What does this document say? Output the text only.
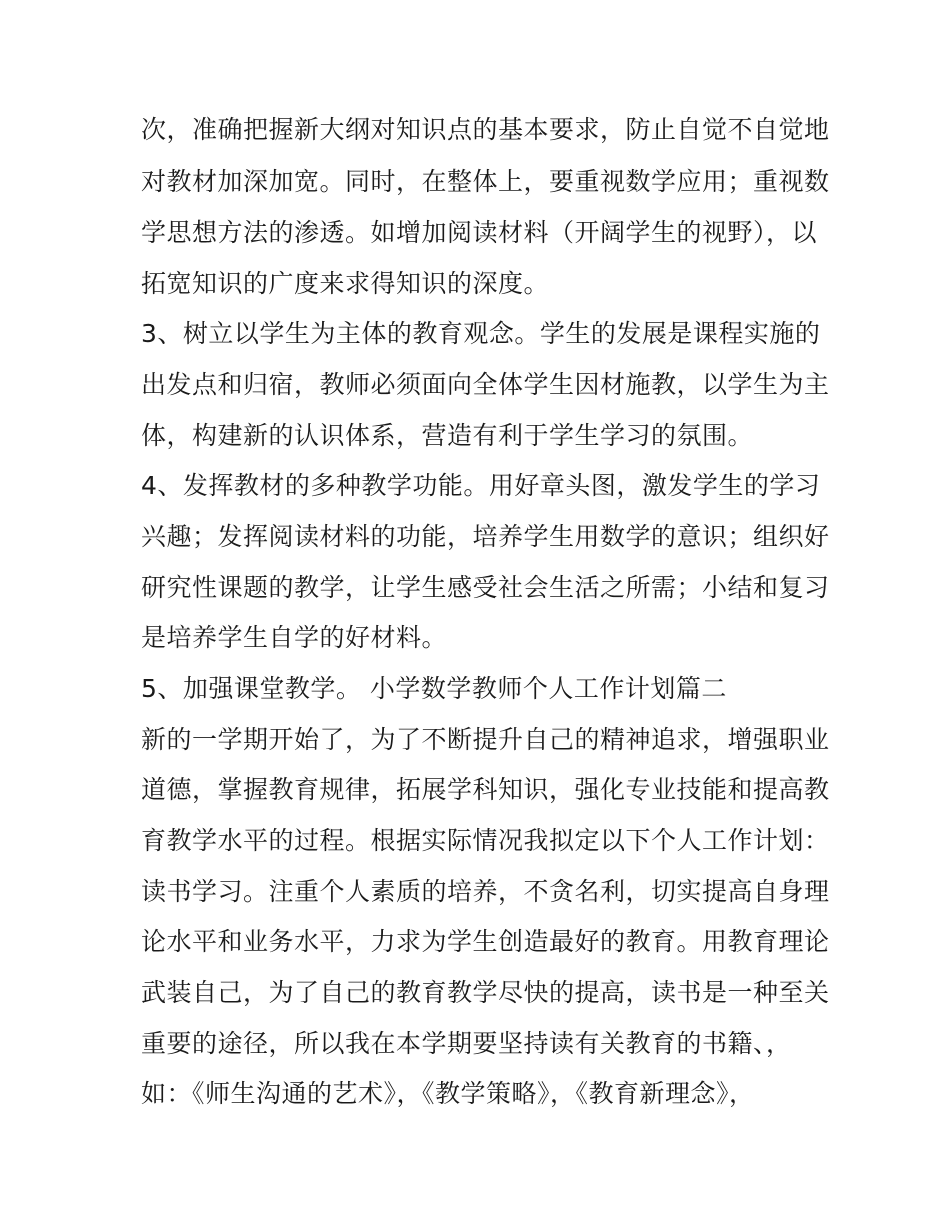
次，准确把握新大纲对知识点的基本要求，防止自觉不自觉地
对教材加深加宽。同时，在整体上，要重视数学应用；重视数
学思想方法的渗透。如增加阅读材料（开阔学生的视野），以
拓宽知识的广度来求得知识的深度。
3、树立以学生为主体的教育观念。学生的发展是课程实施的
出发点和归宿，教师必须面向全体学生因材施教，以学生为主
体，构建新的认识体系，营造有利于学生学习的氛围。
4、发挥教材的多种教学功能。用好章头图，激发学生的学习
兴趣；发挥阅读材料的功能，培养学生用数学的意识；组织好
研究性课题的教学，让学生感受社会生活之所需；小结和复习
是培养学生自学的好材料。
5、加强课堂教学。 小学数学教师个人工作计划篇二
新的一学期开始了，为了不断提升自己的精神追求，增强职业
道德，掌握教育规律，拓展学科知识，强化专业技能和提高教
育教学水平的过程。根据实际情况我拟定以下个人工作计划：
读书学习。注重个人素质的培养，不贪名利，切实提高自身理
论水平和业务水平，力求为学生创造最好的教育。用教育理论
武装自己，为了自己的教育教学尽快的提高，读书是一种至关
重要的途径，所以我在本学期要坚持读有关教育的书籍、，
如：《师生沟通的艺术》，《教学策略》，《教育新理念》，
